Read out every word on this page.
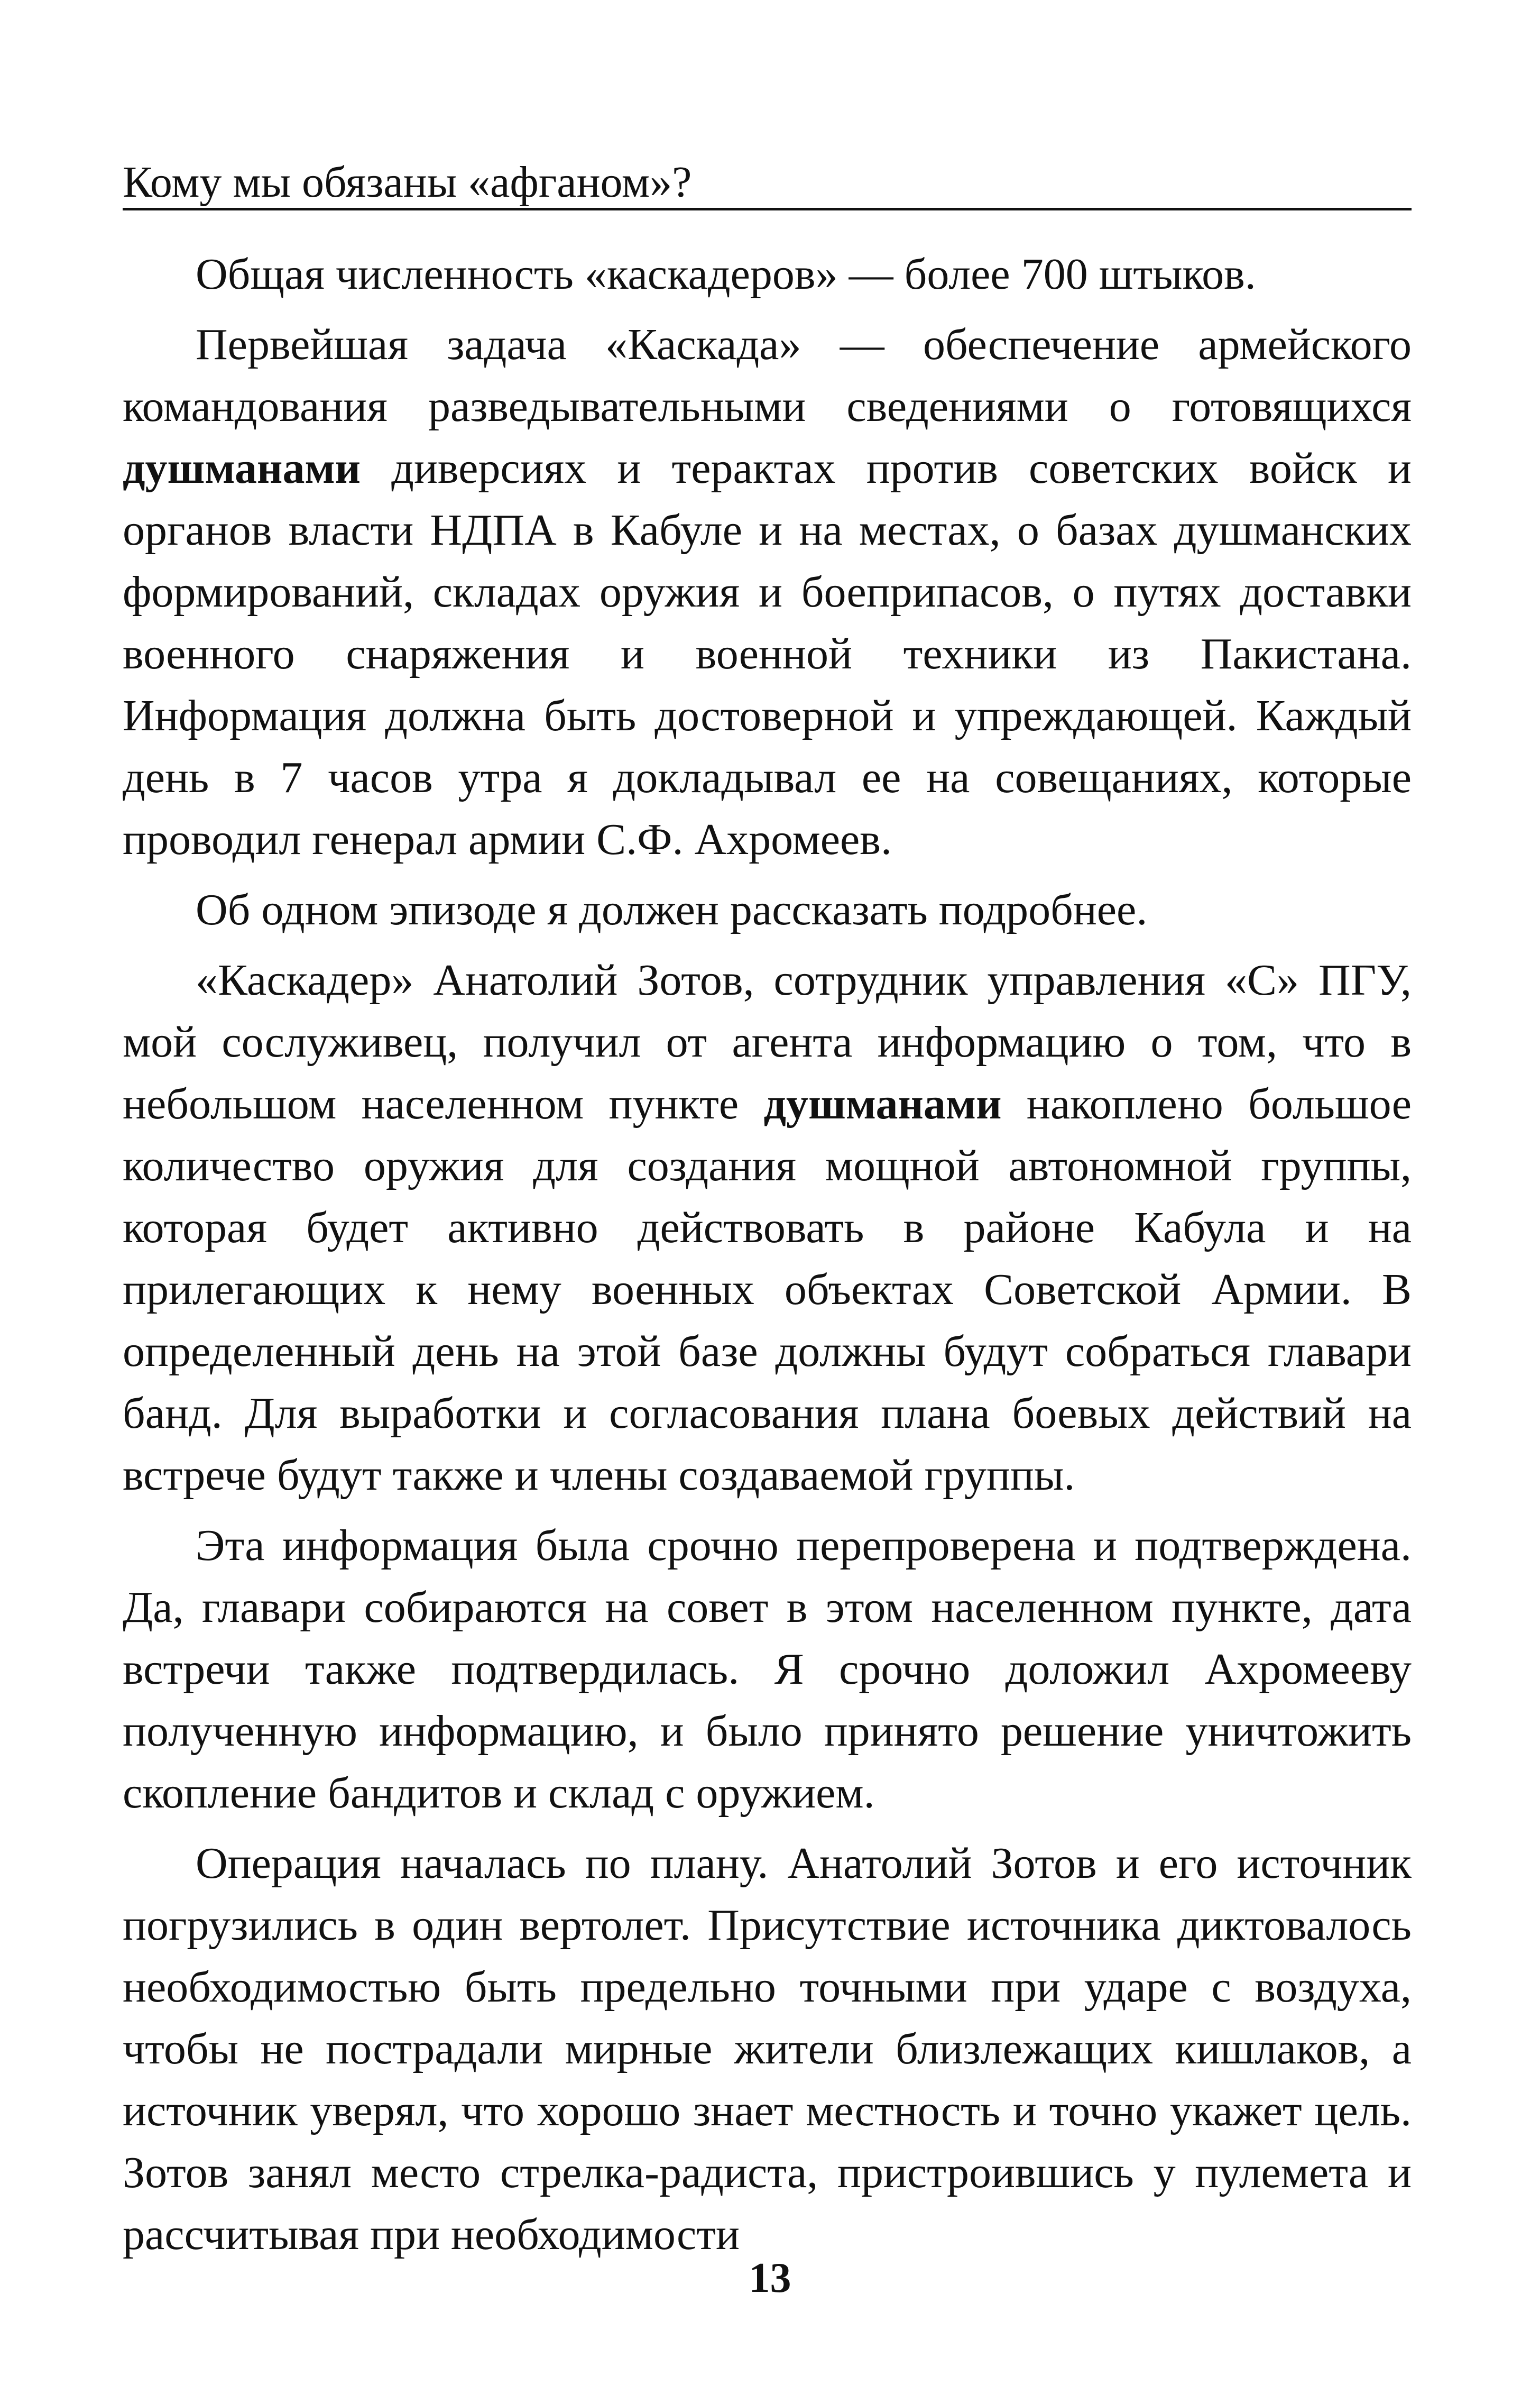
Кому мы обязаны «афганом»?

Общая численность «каскадеров» — более 700 штыков.

Первейшая задача «Каскада» — обеспечение армейского командования разведывательными сведениями о готовящихся душманами диверсиях и терактах против советских войск и органов власти НДПА в Кабуле и на местах, о базах душманских формирований, складах оружия и боеприпасов, о путях доставки военного снаряжения и военной техники из Пакистана. Информация должна быть достоверной и упреждающей. Каждый день в 7 часов утра я докладывал ее на совещаниях, которые проводил генерал армии С.Ф. Ахромеев.

Об одном эпизоде я должен рассказать подробнее.

«Каскадер» Анатолий Зотов, сотрудник управления «С» ПГУ, мой сослуживец, получил от агента информацию о том, что в небольшом населенном пункте душманами накоплено большое количество оружия для создания мощной автономной группы, которая будет активно действовать в районе Кабула и на прилегающих к нему военных объектах Советской Армии. В определенный день на этой базе должны будут собраться главари банд. Для выработки и согласования плана боевых действий на встрече будут также и члены создаваемой группы.

Эта информация была срочно перепроверена и подтверждена. Да, главари собираются на совет в этом населенном пункте, дата встречи также подтвердилась. Я срочно доложил Ахромееву полученную информацию, и было принято решение уничтожить скопление бандитов и склад с оружием.

Операция началась по плану. Анатолий Зотов и его источник погрузились в один вертолет. Присутствие источника диктовалось необходимостью быть предельно точными при ударе с воздуха, чтобы не пострадали мирные жители близлежащих кишлаков, а источник уверял, что хорошо знает местность и точно укажет цель. Зотов занял место стрелка-радиста, пристроившись у пулемета и рассчитывая при необходимости

13
